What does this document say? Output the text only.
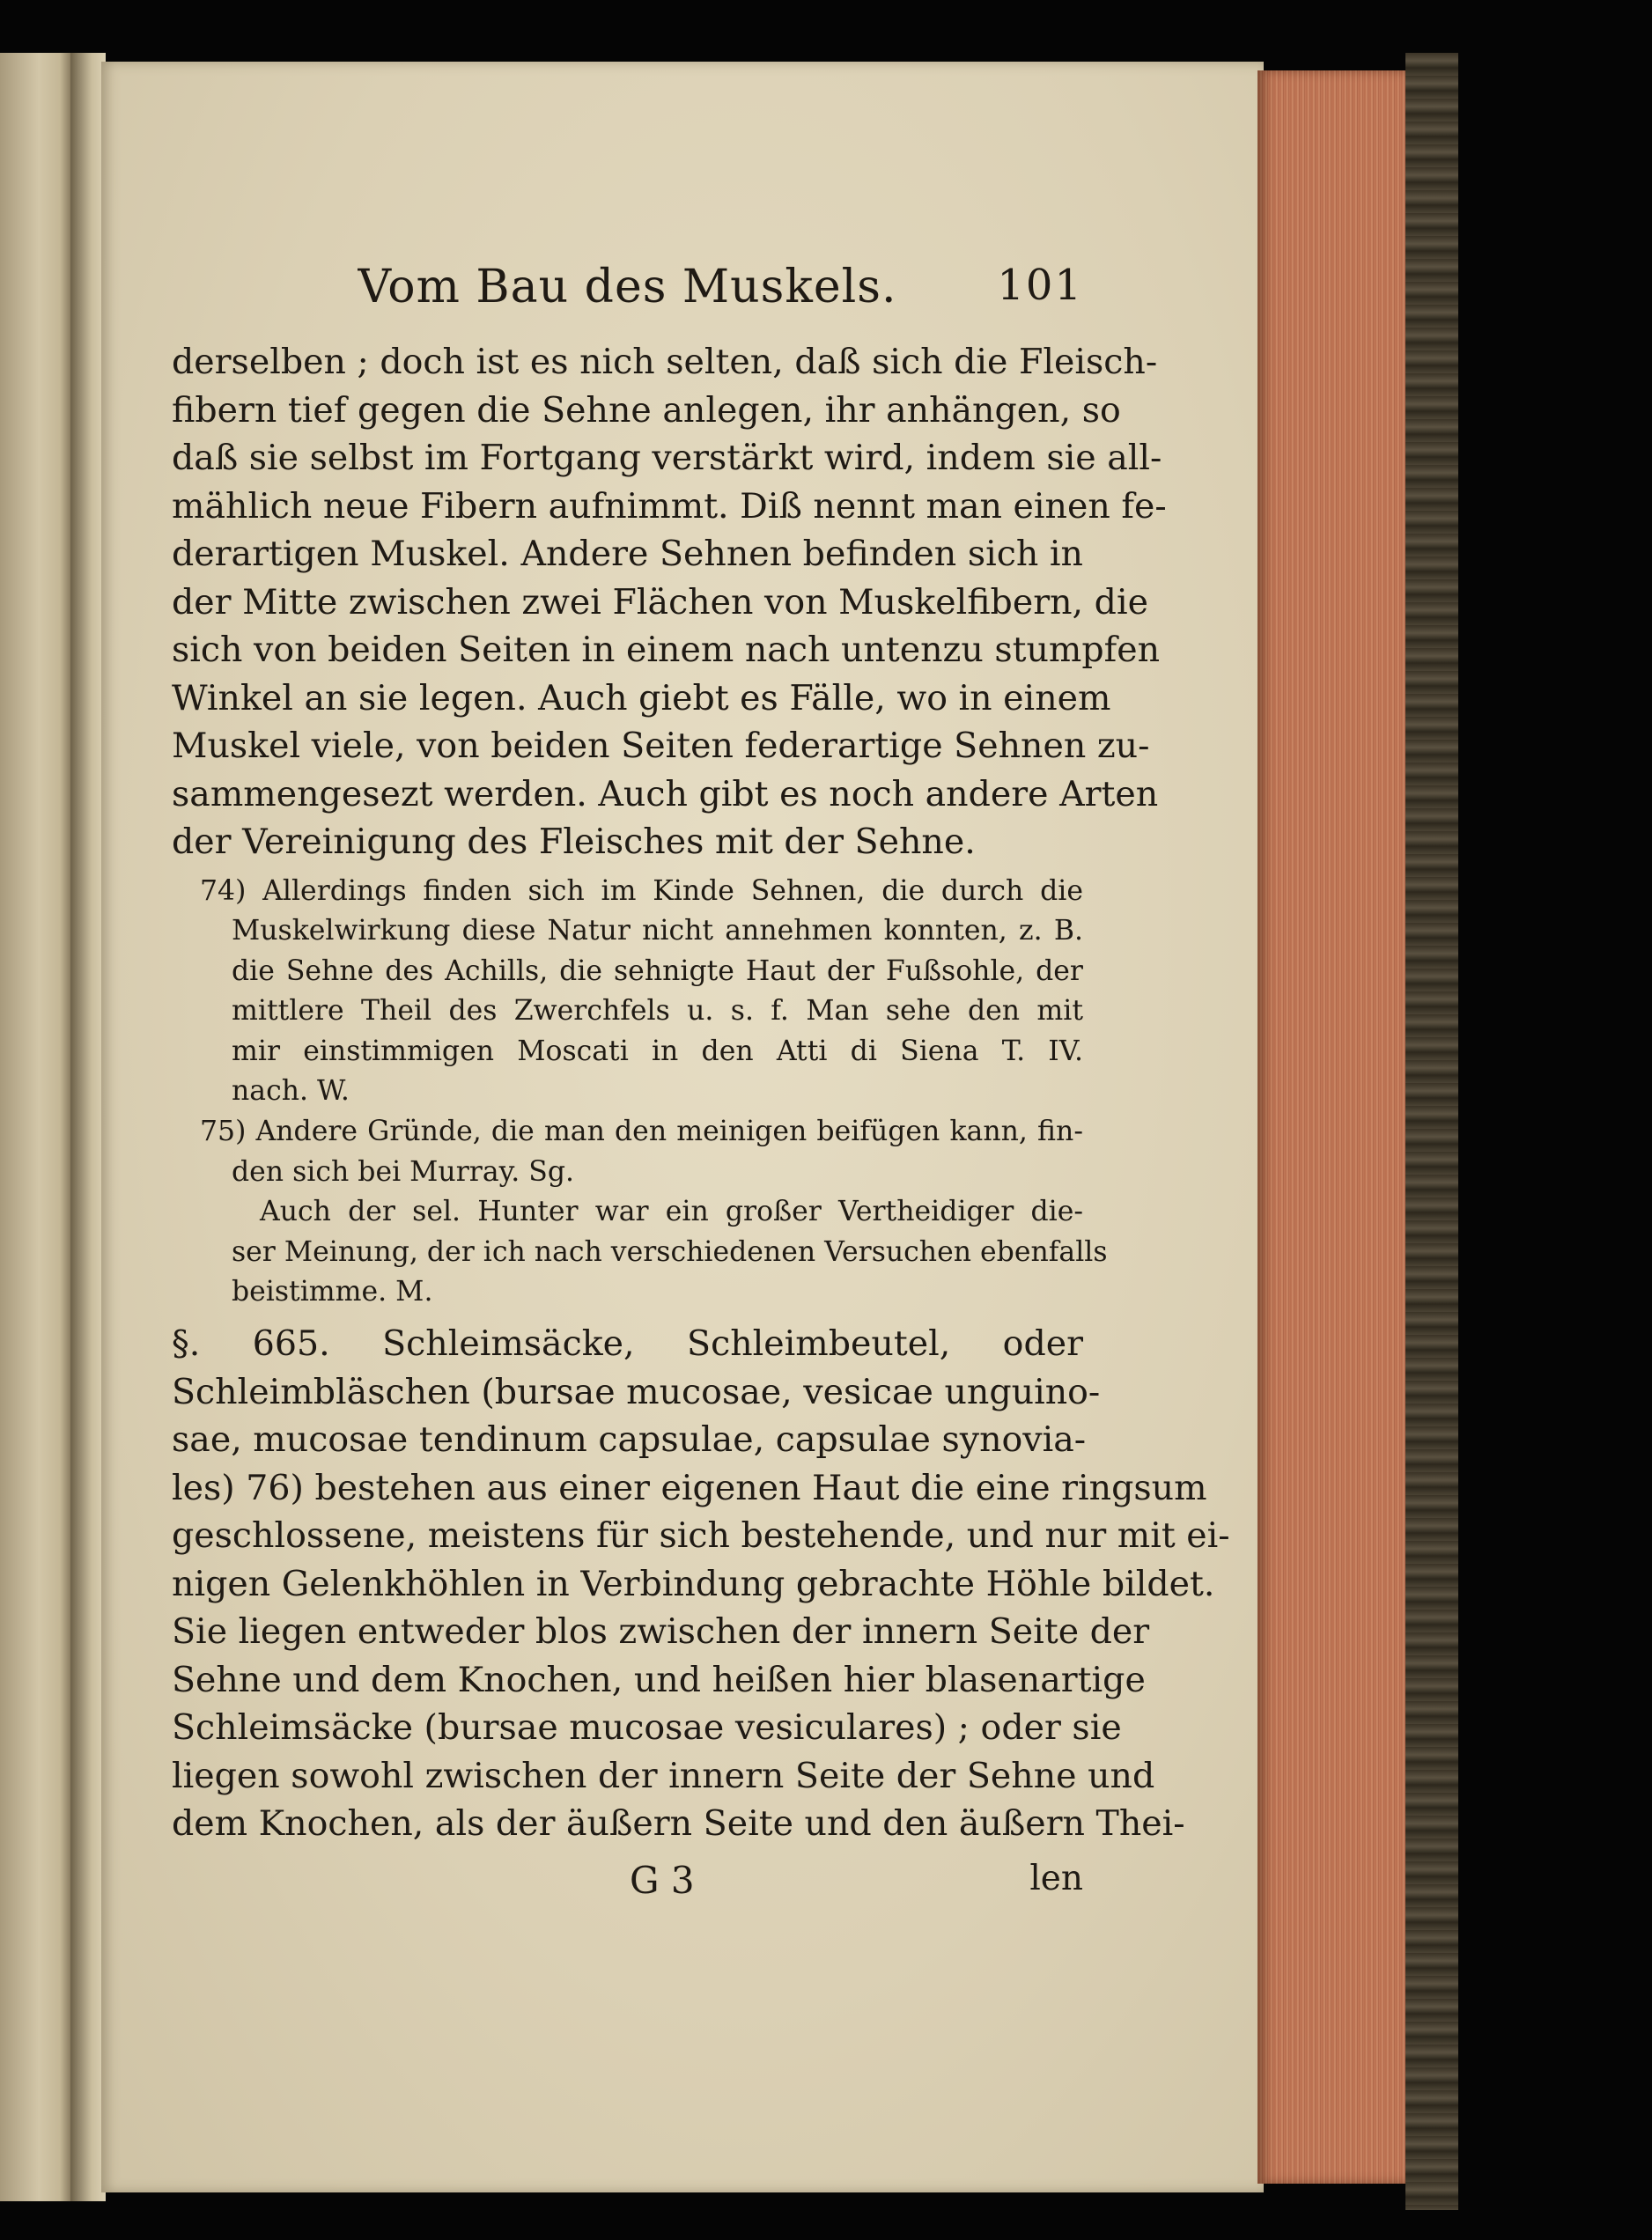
Vom Bau des Muskels.	101
derselben ; doch ist es nich selten, daß sich die Fleisch-
fibern tief gegen die Sehne anlegen, ihr anhängen, so
daß sie selbst im Fortgang verstärkt wird, indem sie all-
mählich neue Fibern aufnimmt. Diß nennt man einen fe-
derartigen Muskel. Andere Sehnen befinden sich in
der Mitte zwischen zwei Flächen von Muskelfibern, die
sich von beiden Seiten in einem nach untenzu stumpfen
Winkel an sie legen. Auch giebt es Fälle, wo in einem
Muskel viele, von beiden Seiten federartige Sehnen zu-
sammengesezt werden. Auch gibt es noch andere Arten
der Vereinigung des Fleisches mit der Sehne.
74) Allerdings finden sich im Kinde Sehnen, die durch die
Muskelwirkung diese Natur nicht annehmen konnten, z. B.
die Sehne des Achills, die sehnigte Haut der Fußsohle, der
mittlere Theil des Zwerchfels u. s. f. Man sehe den mit
mir einstimmigen Moscati in den Atti di Siena T. IV.
nach. W.
75) Andere Gründe, die man den meinigen beifügen kann, fin-
den sich bei Murray. Sg.
Auch der sel. Hunter war ein großer Vertheidiger die-
ser Meinung, der ich nach verschiedenen Versuchen ebenfalls
beistimme. M.
§. 665. Schleimsäcke, Schleimbeutel, oder
Schleimbläschen (bursae mucosae, vesicae unguino-
sae, mucosae tendinum capsulae, capsulae synovia-
les) 76) bestehen aus einer eigenen Haut die eine ringsum
geschlossene, meistens für sich bestehende, und nur mit ei-
nigen Gelenkhöhlen in Verbindung gebrachte Höhle bildet.
Sie liegen entweder blos zwischen der innern Seite der
Sehne und dem Knochen, und heißen hier blasenartige
Schleimsäcke (bursae mucosae vesiculares) ; oder sie
liegen sowohl zwischen der innern Seite der Sehne und
dem Knochen, als der äußern Seite und den äußern Thei-
G 3	len
